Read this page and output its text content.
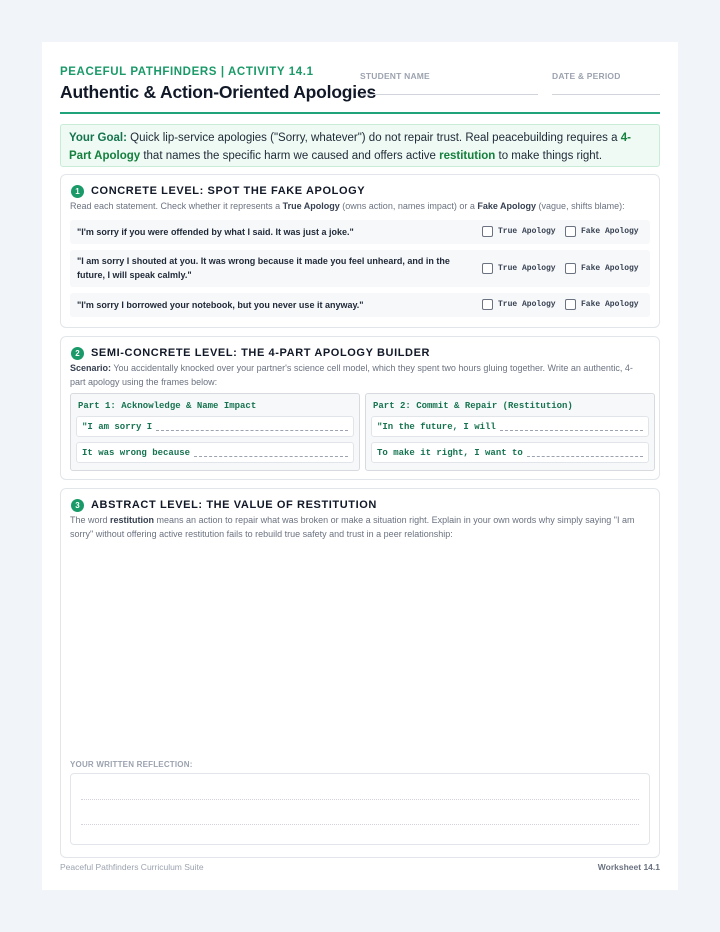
PEACEFUL PATHFINDERS | ACTIVITY 14.1
Authentic & Action-Oriented Apologies
STUDENT NAME	DATE & PERIOD
Your Goal: Quick lip-service apologies ("Sorry, whatever") do not repair trust. Real peacebuilding requires a 4-Part Apology that names the specific harm we caused and offers active restitution to make things right.
1	CONCRETE LEVEL: SPOT THE FAKE APOLOGY
Read each statement. Check whether it represents a True Apology (owns action, names impact) or a Fake Apology (vague, shifts blame):
"I'm sorry if you were offended by what I said. It was just a joke."	True Apology	Fake Apology
"I am sorry I shouted at you. It was wrong because it made you feel unheard, and in the future, I will speak calmly."
True Apology	Fake Apology
"I'm sorry I borrowed your notebook, but you never use it anyway."	True Apology	Fake Apology
2	SEMI-CONCRETE LEVEL: THE 4-PART APOLOGY BUILDER
Scenario: You accidentally knocked over your partner's science cell model, which they spent two hours gluing together. Write an authentic, 4-part apology using the frames below:
Part 1: Acknowledge & Name Impact
"I am sorry I
It was wrong because
Part 2: Commit & Repair (Restitution)
"In the future, I will
To make it right, I want to
3	ABSTRACT LEVEL: THE VALUE OF RESTITUTION
The word restitution means an action to repair what was broken or make a situation right. Explain in your own words why simply saying "I am sorry" without offering active restitution fails to rebuild true safety and trust in a peer relationship:
YOUR WRITTEN REFLECTION:
Peaceful Pathfinders Curriculum Suite	Worksheet 14.1
